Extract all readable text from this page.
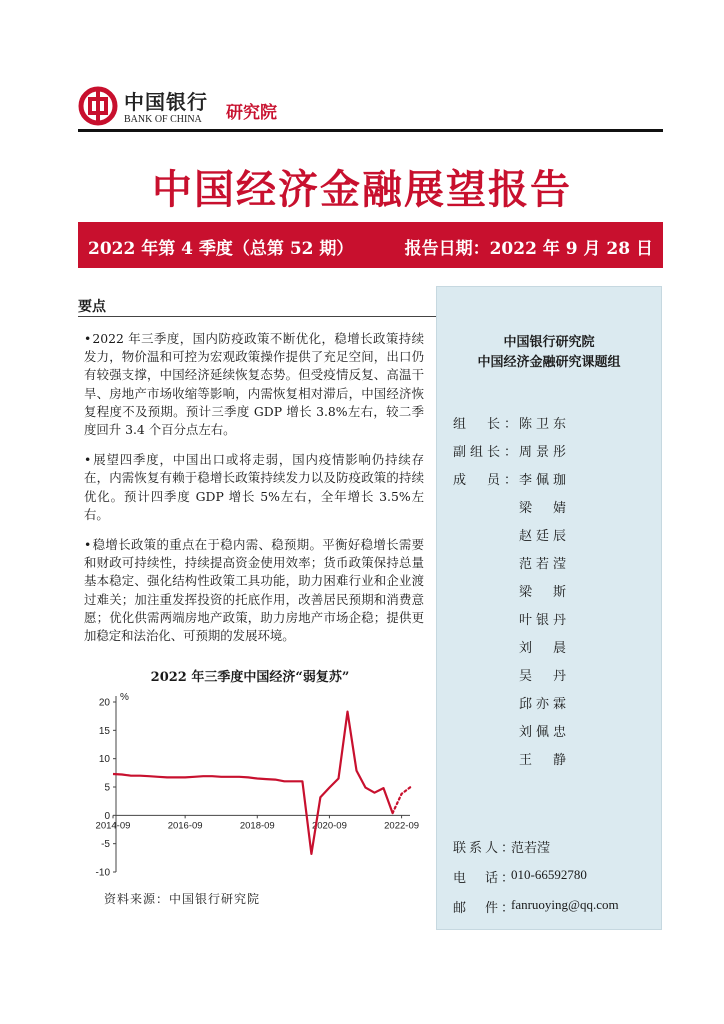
中国银行
BANK OF CHINA 研究院
中国经济金融展望报告
2022 年第 4 季度（总第 52 期）	报告日期：2022 年 9 月 28 日
要点

• 2022 年三季度，国内防疫政策不断优化，稳增长政策持续发力，物价温和可控为宏观政策操作提供了充足空间，出口仍有较强支撑，中国经济延续恢复态势。但受疫情反复、高温干旱、房地产市场收缩等影响，内需恢复相对滞后，中国经济恢复程度不及预期。预计三季度 GDP 增长 3.8%左右，较二季度回升 3.4 个百分点左右。

• 展望四季度，中国出口或将走弱，国内疫情影响仍持续存在，内需恢复有赖于稳增长政策持续发力以及防疫政策的持续优化。预计四季度 GDP 增长 5%左右，全年增长 3.5%左右。

• 稳增长政策的重点在于稳内需、稳预期。平衡好稳增长需要和财政可持续性，持续提高资金使用效率；货币政策保持总量基本稳定、强化结构性政策工具功能，助力困难行业和企业渡过难关；加注重发挥投资的托底作用，改善居民预期和消费意愿；优化供需两端房地产政策，助力房地产市场企稳；提供更加稳定和法治化、可预期的发展环境。

2022 年三季度中国经济“弱复苏”
20
15
10
5
0
-5
-10
%
2014-09	2016-09	2018-09	2020-09	2022-09
资料来源：中国银行研究院
中国银行研究院
中国经济金融研究课题组
组　长：
陈卫东
副组长：
周景彤
成　员：
李佩珈
梁　婧
赵廷辰
范若滢
梁　斯
叶银丹
刘　晨
吴　丹
邱亦霖
刘佩忠
王　静
联系人：
范若滢
电　话：
010-66592780
邮　件：
fanruoying@qq.com
